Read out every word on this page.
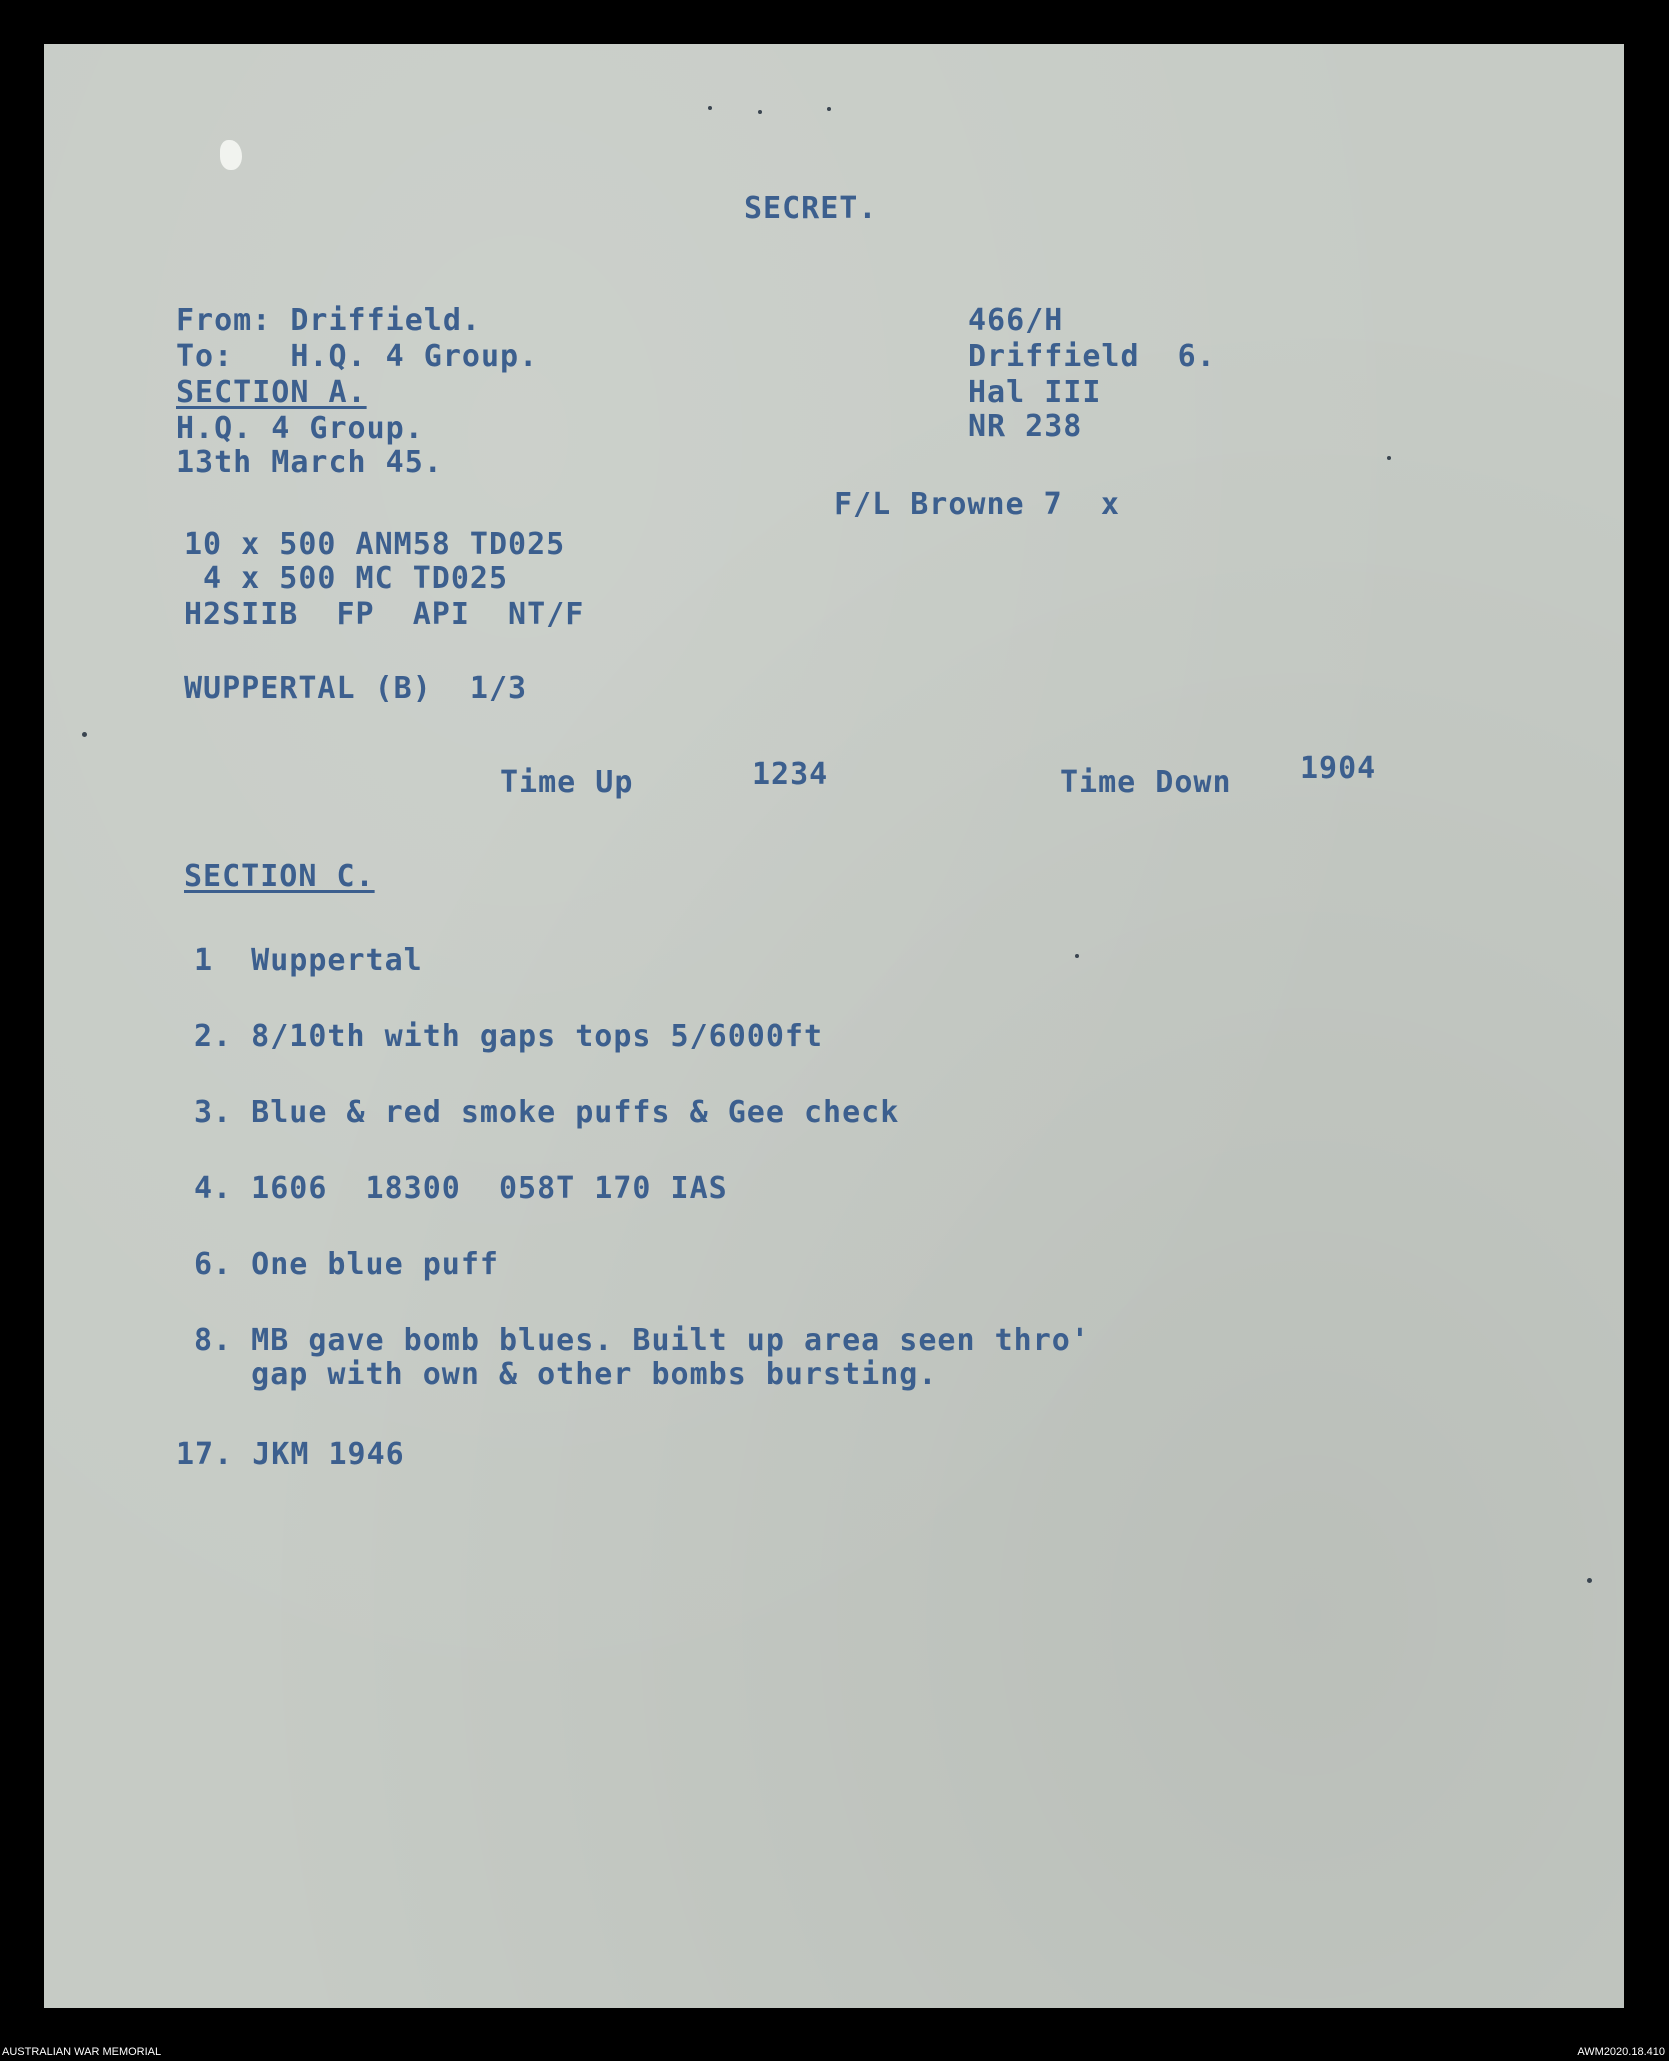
SECRET.
From: Driffield.
To:   H.Q. 4 Group.
SECTION A.
H.Q. 4 Group.
13th March 45.
466/H
Driffield  6.
Hal III
NR 238
F/L Browne 7  x
10 x 500 ANM58 TD025
4 x 500 MC TD025
H2SIIB  FP  API  NT/F
WUPPERTAL (B)  1/3
Time Up	1234	Time Down 1904
SECTION C.
1  Wuppertal
2. 8/10th with gaps tops 5/6000ft
3. Blue & red smoke puffs & Gee check
4. 1606  18300  058T 170 IAS
6. One blue puff
8. MB gave bomb blues. Built up area seen thro'
gap with own & other bombs bursting.
17. JKM 1946
AUSTRALIAN WAR MEMORIAL	AWM2020.18.410
